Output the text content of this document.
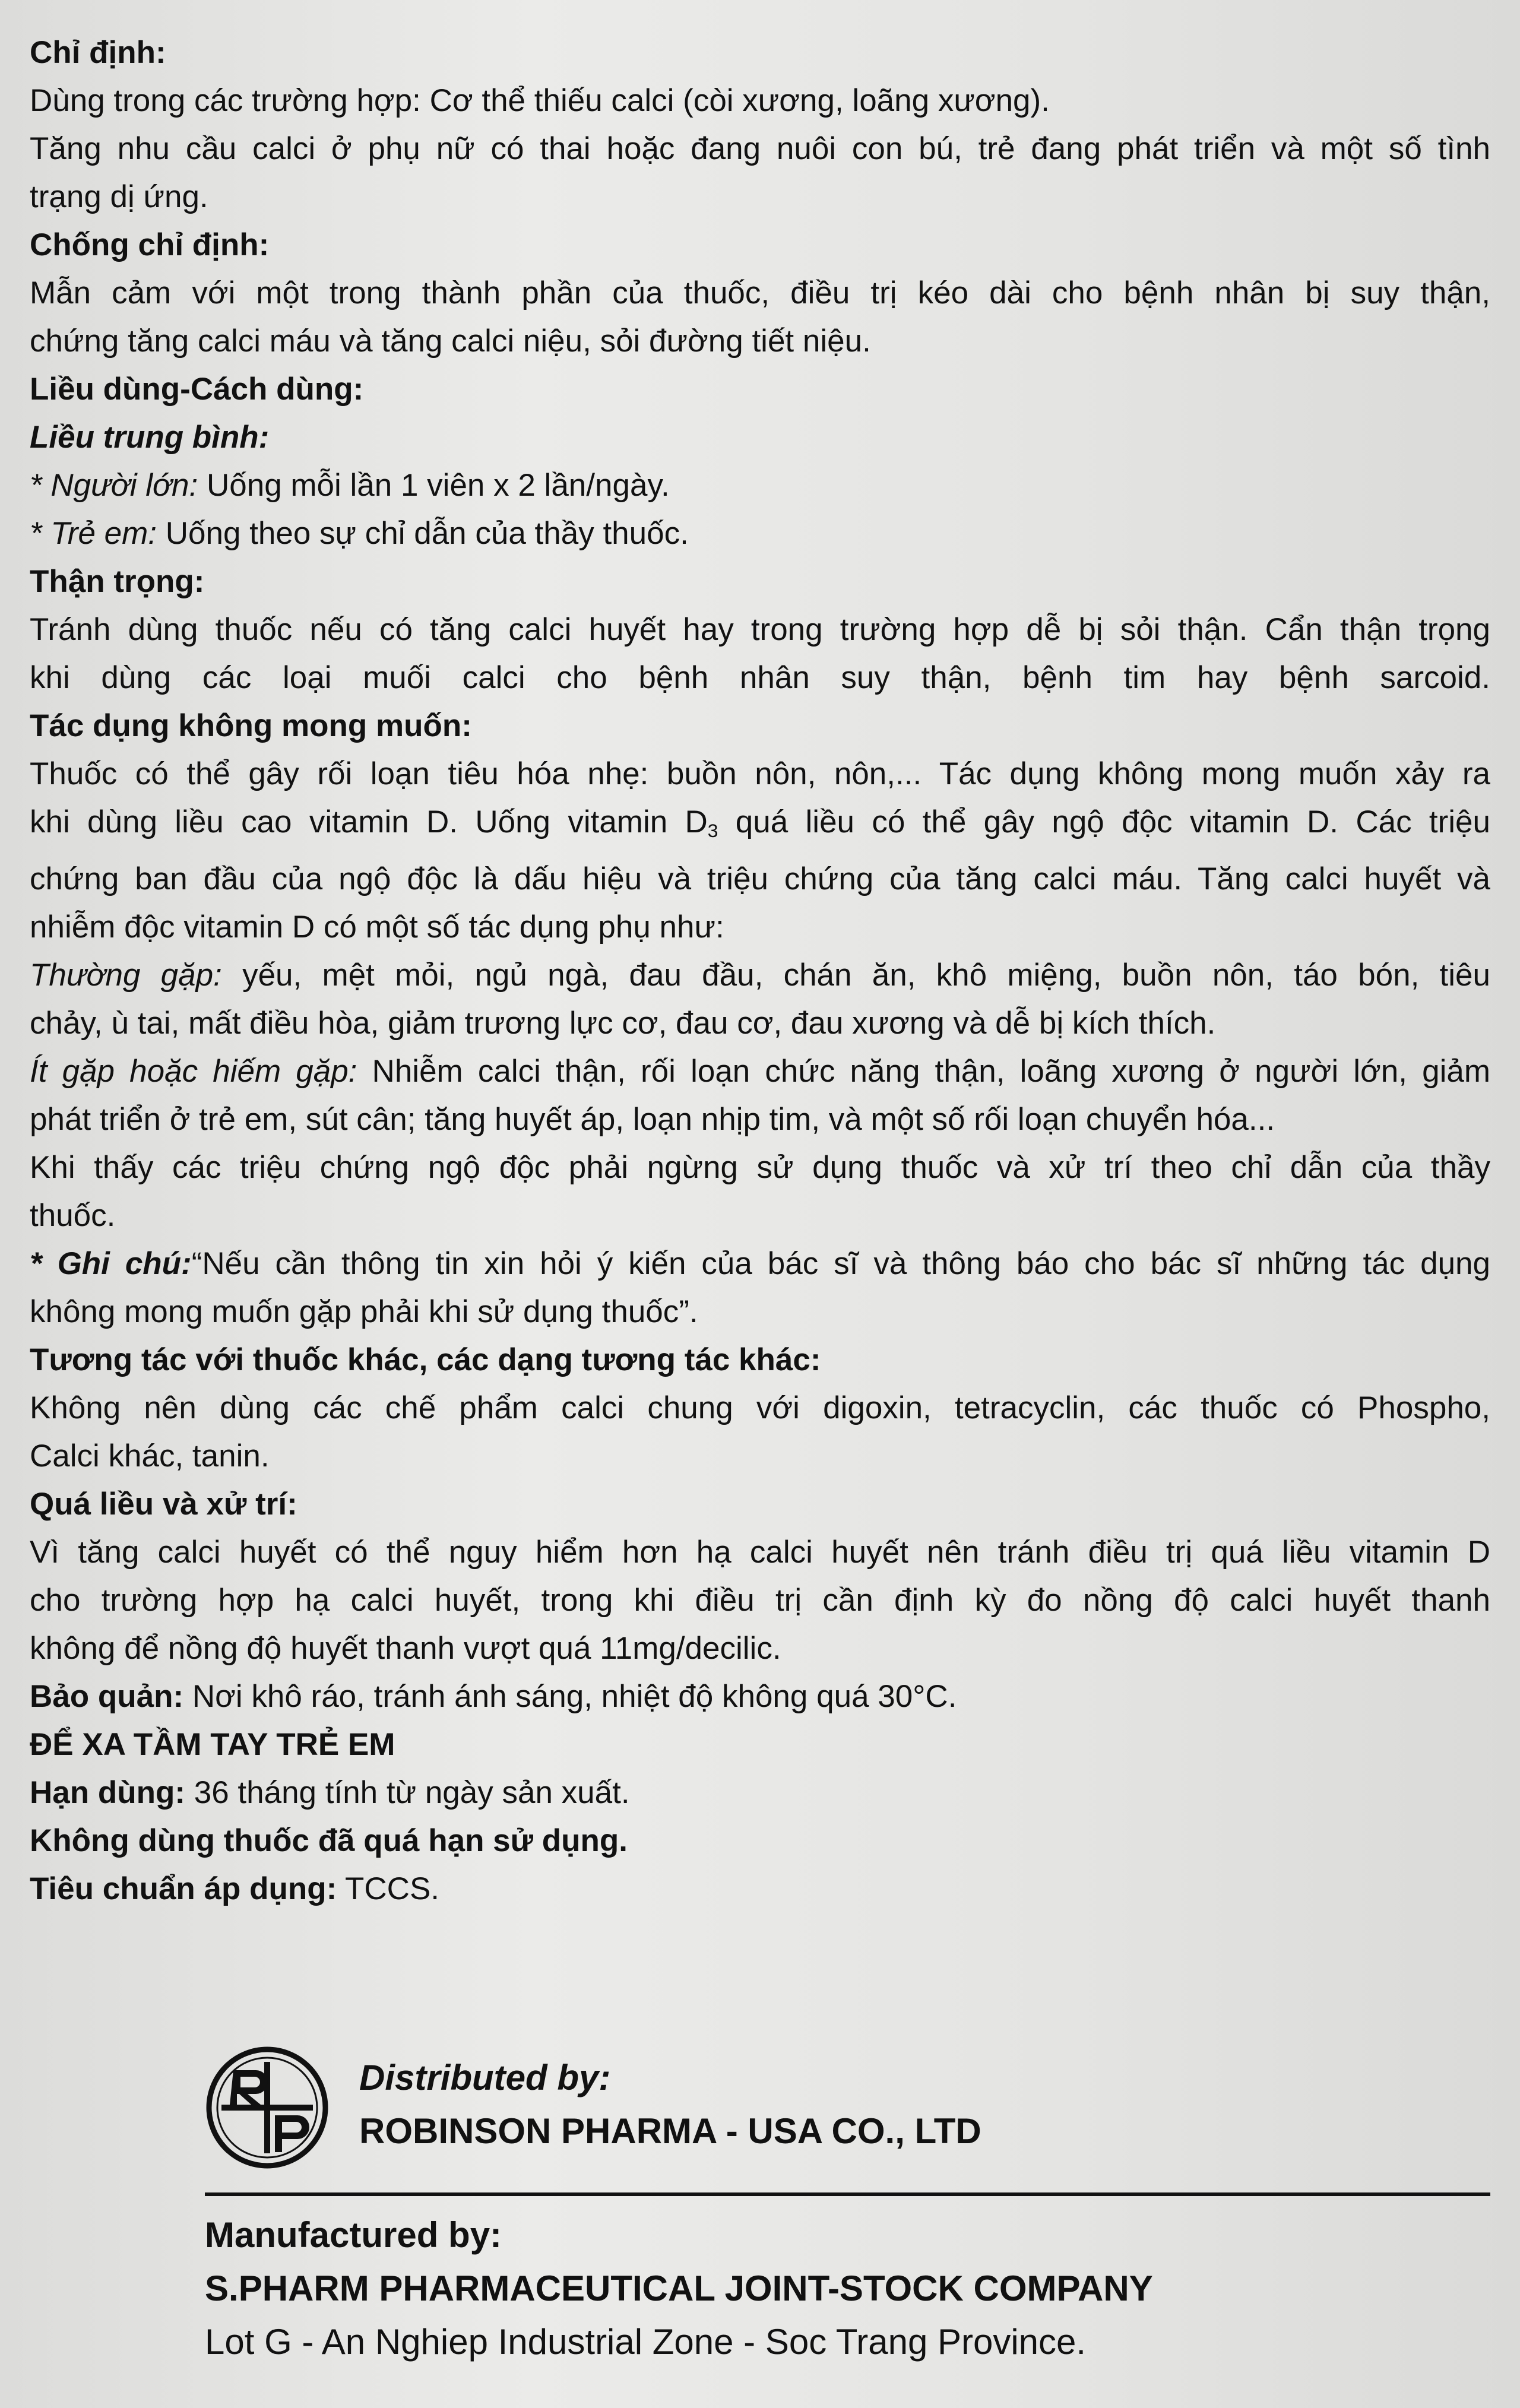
Chỉ định:

Dùng trong các trường hợp: Cơ thể thiếu calci (còi xương, loãng xương).

Tăng nhu cầu calci ở phụ nữ có thai hoặc đang nuôi con bú, trẻ đang phát triển và một số tình

trạng dị ứng.

Chống chỉ định:

Mẫn cảm với một trong thành phần của thuốc, điều trị kéo dài cho bệnh nhân bị suy thận,

chứng tăng calci máu và tăng calci niệu, sỏi đường tiết niệu.

Liều dùng-Cách dùng:

Liều trung bình:

* Người lớn: Uống mỗi lần 1 viên x 2 lần/ngày.

* Trẻ em: Uống theo sự chỉ dẫn của thầy thuốc.

Thận trọng:

Tránh dùng thuốc nếu có tăng calci huyết hay trong trường hợp dễ bị sỏi thận. Cẩn thận trọng

khi dùng các loại muối calci cho bệnh nhân suy thận, bệnh tim hay bệnh sarcoid.

Tác dụng không mong muốn:

Thuốc có thể gây rối loạn tiêu hóa nhẹ: buồn nôn, nôn,... Tác dụng không mong muốn xảy ra

khi dùng liều cao vitamin D. Uống vitamin $D_3$ quá liều có thể gây ngộ độc vitamin D. Các triệu

chứng ban đầu của ngộ độc là dấu hiệu và triệu chứng của tăng calci máu. Tăng calci huyết và

nhiễm độc vitamin D có một số tác dụng phụ như:

Thường gặp: yếu, mệt mỏi, ngủ ngà, đau đầu, chán ăn, khô miệng, buồn nôn, táo bón, tiêu

chảy, ù tai, mất điều hòa, giảm trương lực cơ, đau cơ, đau xương và dễ bị kích thích.

Ít gặp hoặc hiếm gặp: Nhiễm calci thận, rối loạn chức năng thận, loãng xương ở người lớn, giảm

phát triển ở trẻ em, sút cân; tăng huyết áp, loạn nhịp tim, và một số rối loạn chuyển hóa...

Khi thấy các triệu chứng ngộ độc phải ngừng sử dụng thuốc và xử trí theo chỉ dẫn của thầy

thuốc.

* Ghi chú:“Nếu cần thông tin xin hỏi ý kiến của bác sĩ và thông báo cho bác sĩ những tác dụng

không mong muốn gặp phải khi sử dụng thuốc”.

Tương tác với thuốc khác, các dạng tương tác khác:

Không nên dùng các chế phẩm calci chung với digoxin, tetracyclin, các thuốc có Phospho,

Calci khác, tanin.

Quá liều và xử trí:

Vì tăng calci huyết có thể nguy hiểm hơn hạ calci huyết nên tránh điều trị quá liều vitamin D

cho trường hợp hạ calci huyết, trong khi điều trị cần định kỳ đo nồng độ calci huyết thanh

không để nồng độ huyết thanh vượt quá 11mg/decilic.

Bảo quản: Nơi khô ráo, tránh ánh sáng, nhiệt độ không quá 30°C.

ĐỂ XA TẦM TAY TRẺ EM

Hạn dùng: 36 tháng tính từ ngày sản xuất.

Không dùng thuốc đã quá hạn sử dụng.

Tiêu chuẩn áp dụng: TCCS.

Distributed by:
ROBINSON PHARMA - USA CO., LTD
Manufactured by:
S.PHARM PHARMACEUTICAL JOINT-STOCK COMPANY
Lot G - An Nghiep Industrial Zone - Soc Trang Province.
